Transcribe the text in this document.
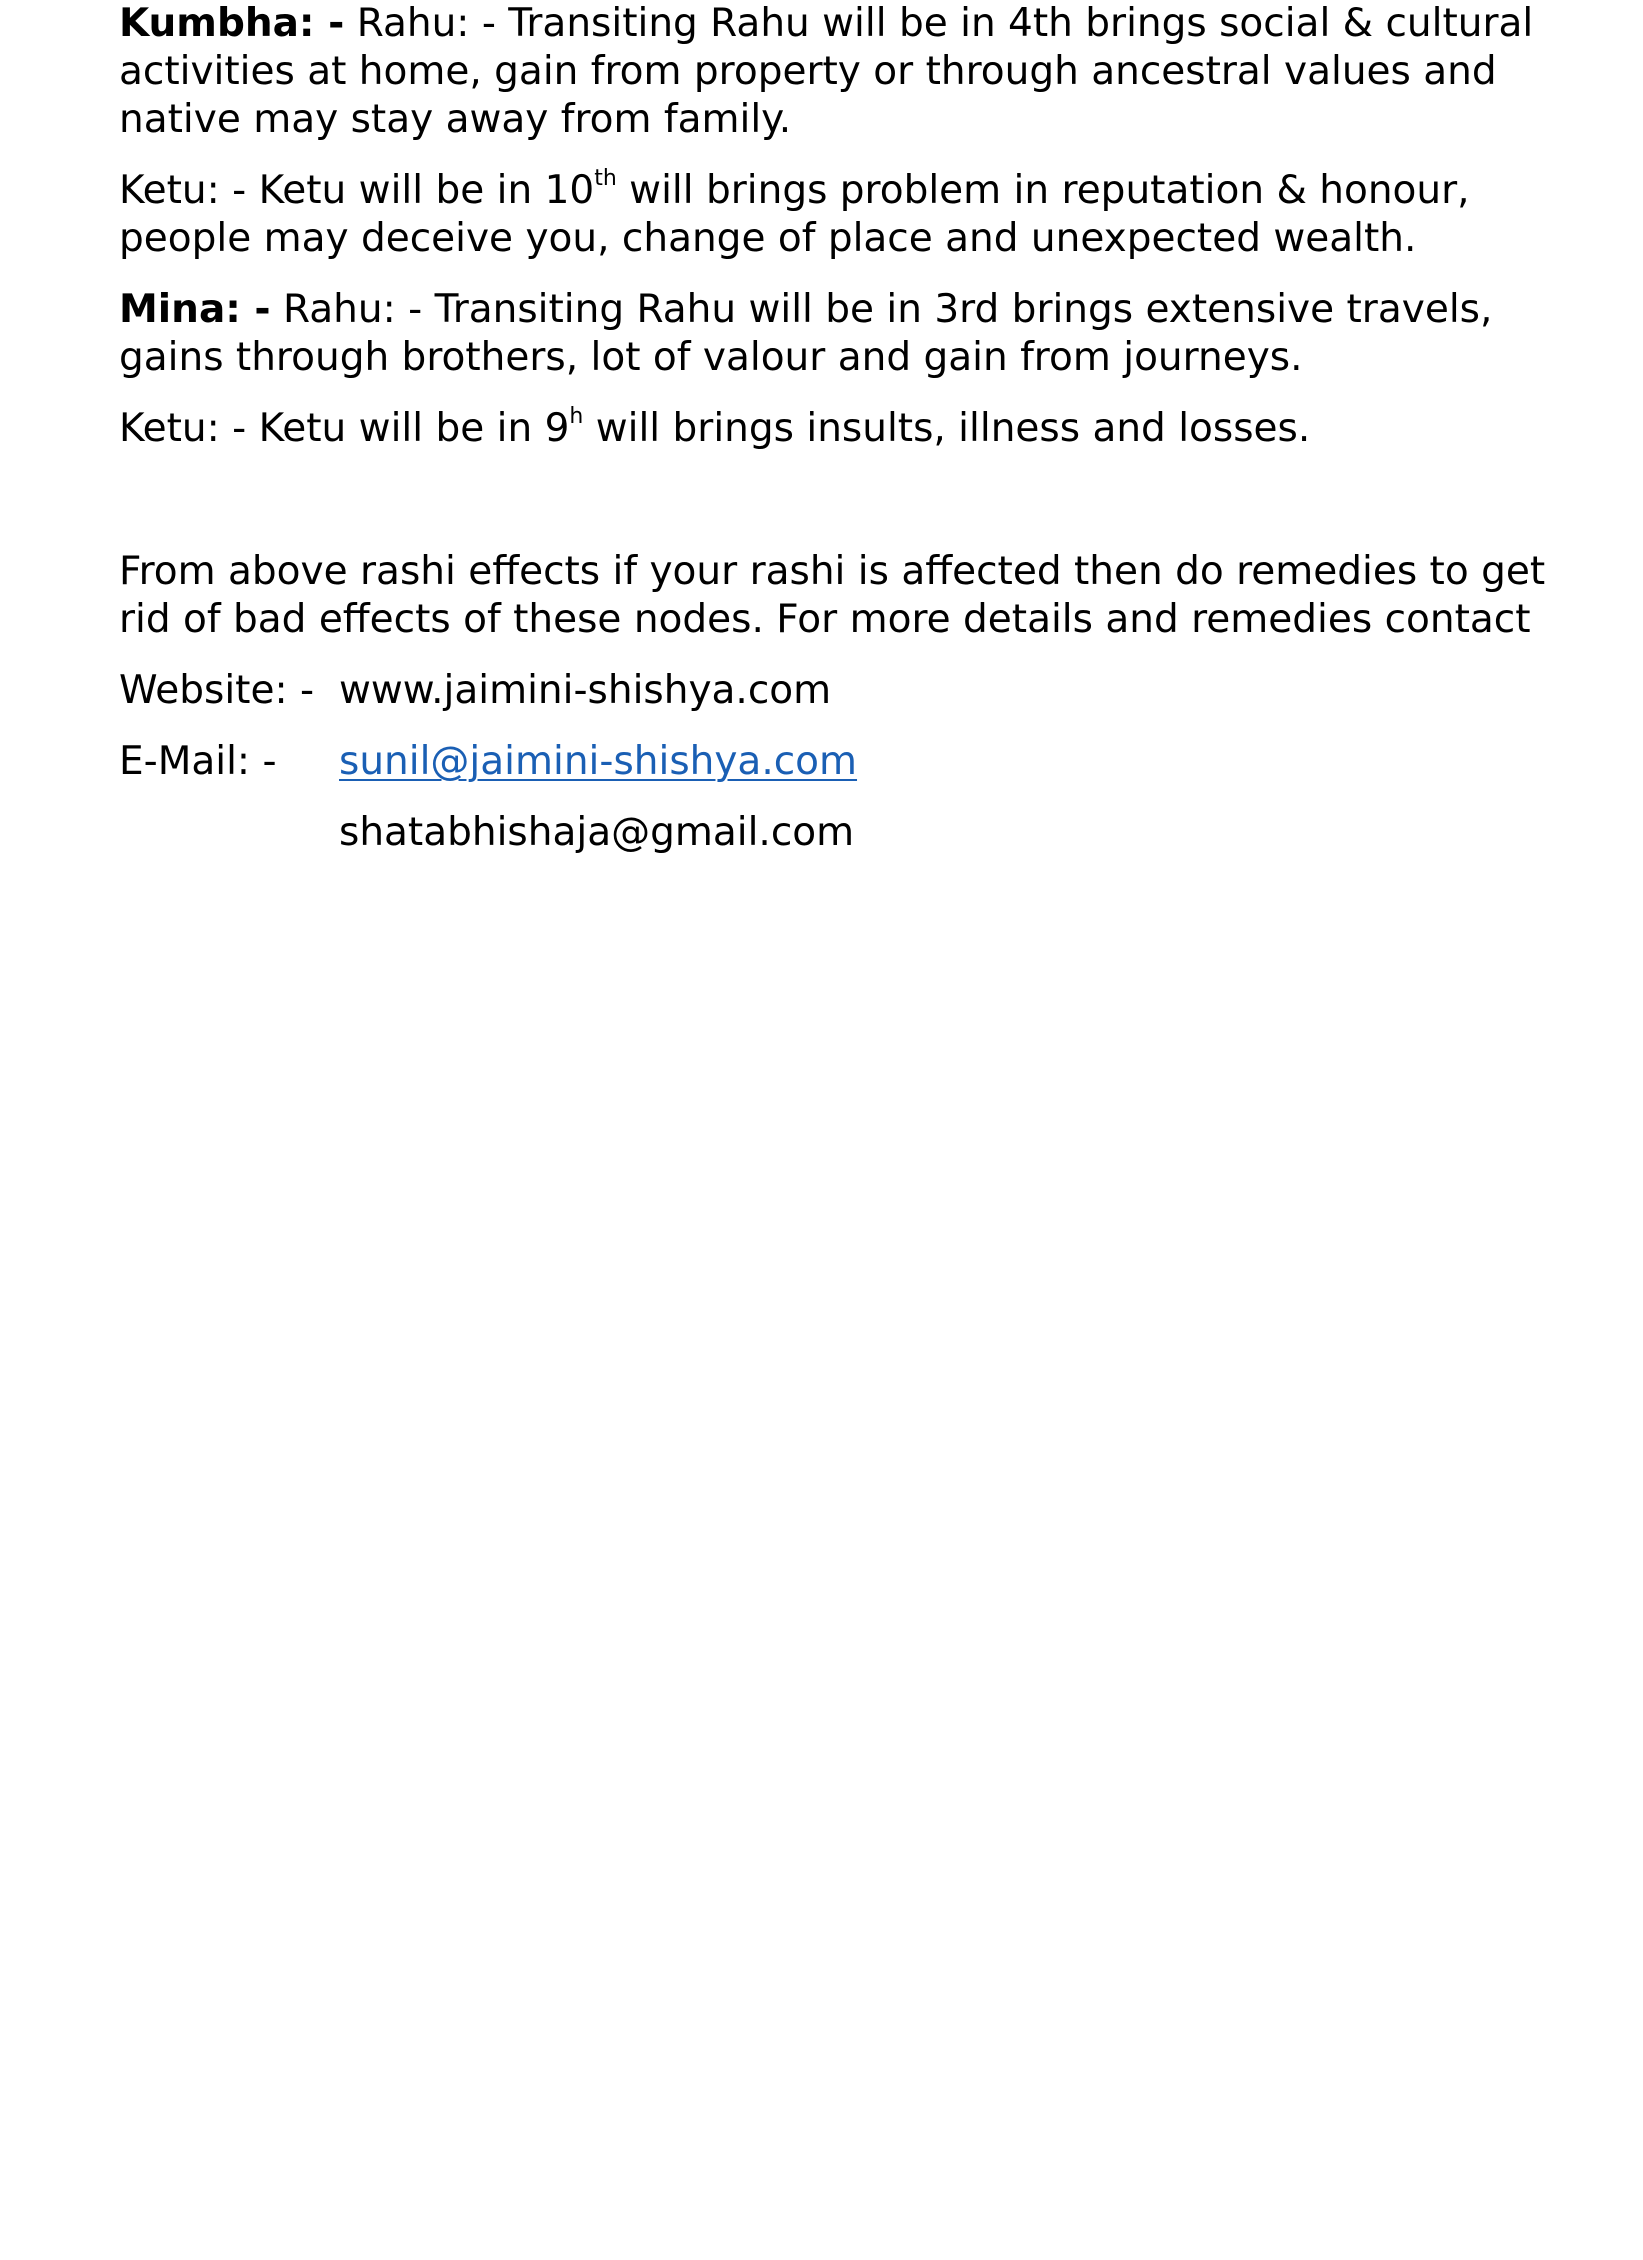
Kumbha: - Rahu: - Transiting Rahu will be in 4th brings social & cultural activities at home, gain from property or through ancestral values and native may stay away from family.

Ketu: - Ketu will be in 10th will brings problem in reputation & honour, people may deceive you, change of place and unexpected wealth.

Mina: - Rahu: - Transiting Rahu will be in 3rd brings extensive travels, gains through brothers, lot of valour and gain from journeys.

Ketu: - Ketu will be in 9$^h$ will brings insults, illness and losses.

From above rashi effects if your rashi is affected then do remedies to get rid of bad effects of these nodes. For more details and remedies contact

Website: - www.jaimini-shishya.com
E-Mail: -	sunil@jaimini-shishya.com
shatabhishaja@gmail.com
